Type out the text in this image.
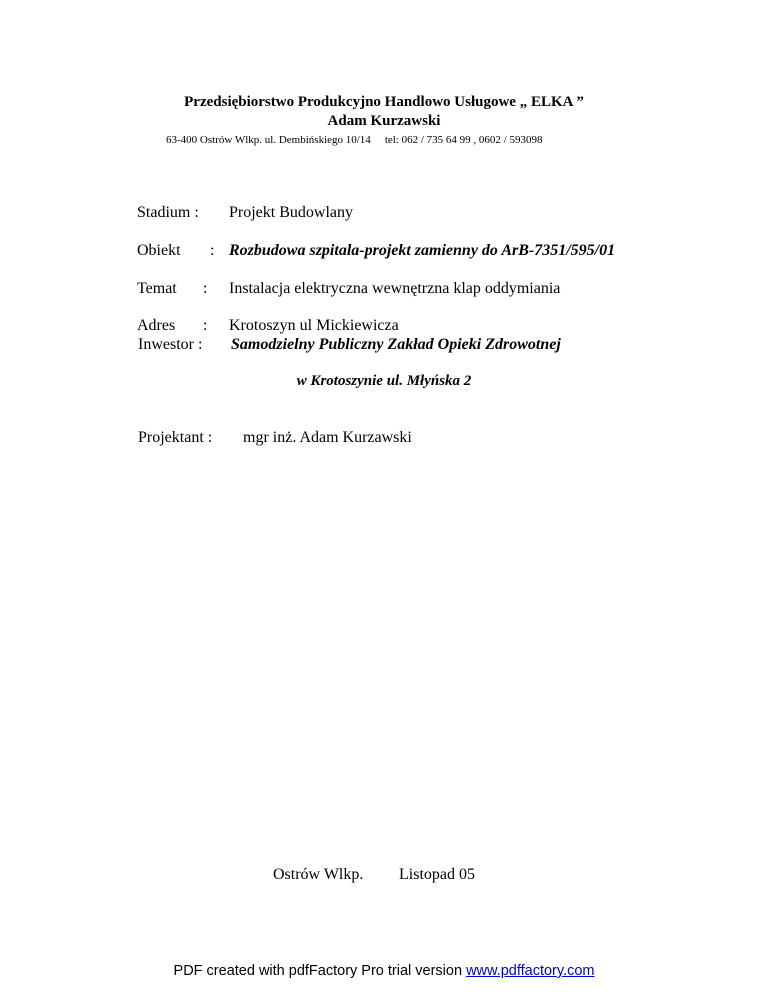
Przedsiębiorstwo Produkcyjno Handlowo Usługowe „ ELKA ”
Adam Kurzawski
63-400 Ostrów Wlkp. ul. Dembińskiego 10/14 tel: 062 / 735 64 99 , 0602 / 593098
Stadium : Projekt Budowlany
Obiekt : Rozbudowa szpitala-projekt zamienny do ArB-7351/595/01
Temat : Instalacja elektryczna wewnętrzna klap oddymiania
Adres : Krotoszyn ul Mickiewicza
Inwestor : Samodzielny Publiczny Zakład Opieki Zdrowotnej
w Krotoszynie ul. Młyńska 2
Projektant : mgr inż. Adam Kurzawski
Ostrów Wlkp. Listopad 05
PDF created with pdfFactory Pro trial version www.pdffactory.com
